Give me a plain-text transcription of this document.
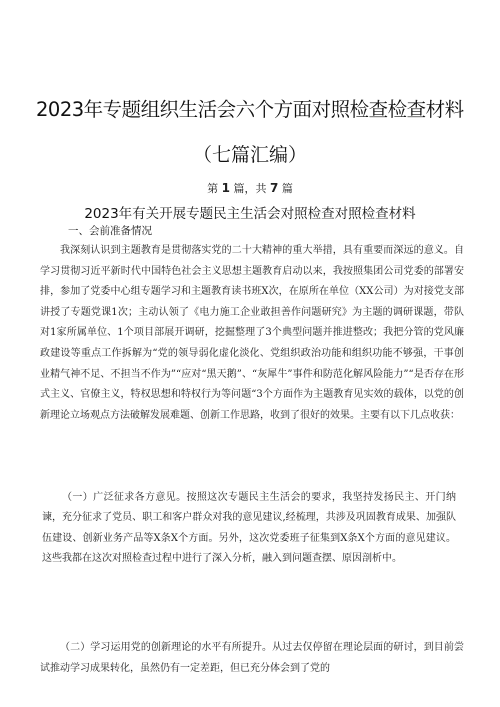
2023年专题组织生活会六个方面对照检查检查材料
（七篇汇编）
第 1 篇，共 7 篇
2023年有关开展专题民主生活会对照检查对照检查材料
一、会前准备情况

我深刻认识到主题教育是贯彻落实党的二十大精神的重大举措，具有重要而深远的意义。自学习贯彻习近平新时代中国特色社会主义思想主题教育启动以来，我按照集团公司党委的部署安排，参加了党委中心组专题学习和主题教育读书班X次，在原所在单位（XX公司）为对接党支部讲授了专题党课1次；主动认领了《电力施工企业敢担善作问题研究》为主题的调研课题，带队对1家所属单位、1个项目部展开调研，挖掘整理了3个典型问题并推进整改；我把分管的党风廉政建设等重点工作拆解为“党的领导弱化虚化淡化、党组织政治功能和组织功能不够强，干事创业精气神不足、不担当不作为”“应对“黑天鹅”、“灰犀牛”事件和防范化解风险能力”“是否存在形式主义、官僚主义，特权思想和特权行为等问题“3个方面作为主题教育见实效的载体，以党的创新理论立场观点方法破解发展难题、创新工作思路，收到了很好的效果。主要有以下几点收获：

（一）广泛征求各方意见。按照这次专题民主生活会的要求，我坚持发扬民主、开门纳谏，充分征求了党员、职工和客户群众对我的意见建议,经梳理，共涉及巩固教育成果、加强队伍建设、创新业务产品等X条X个方面。另外，这次党委班子征集到X条X个方面的意见建议。这些我都在这次对照检查过程中进行了深入分析，融入到问题查摆、原因剖析中。

（二）学习运用党的创新理论的水平有所提升。从过去仅停留在理论层面的研讨，到目前尝试推动学习成果转化，虽然仍有一定差距，但已充分体会到了党的
